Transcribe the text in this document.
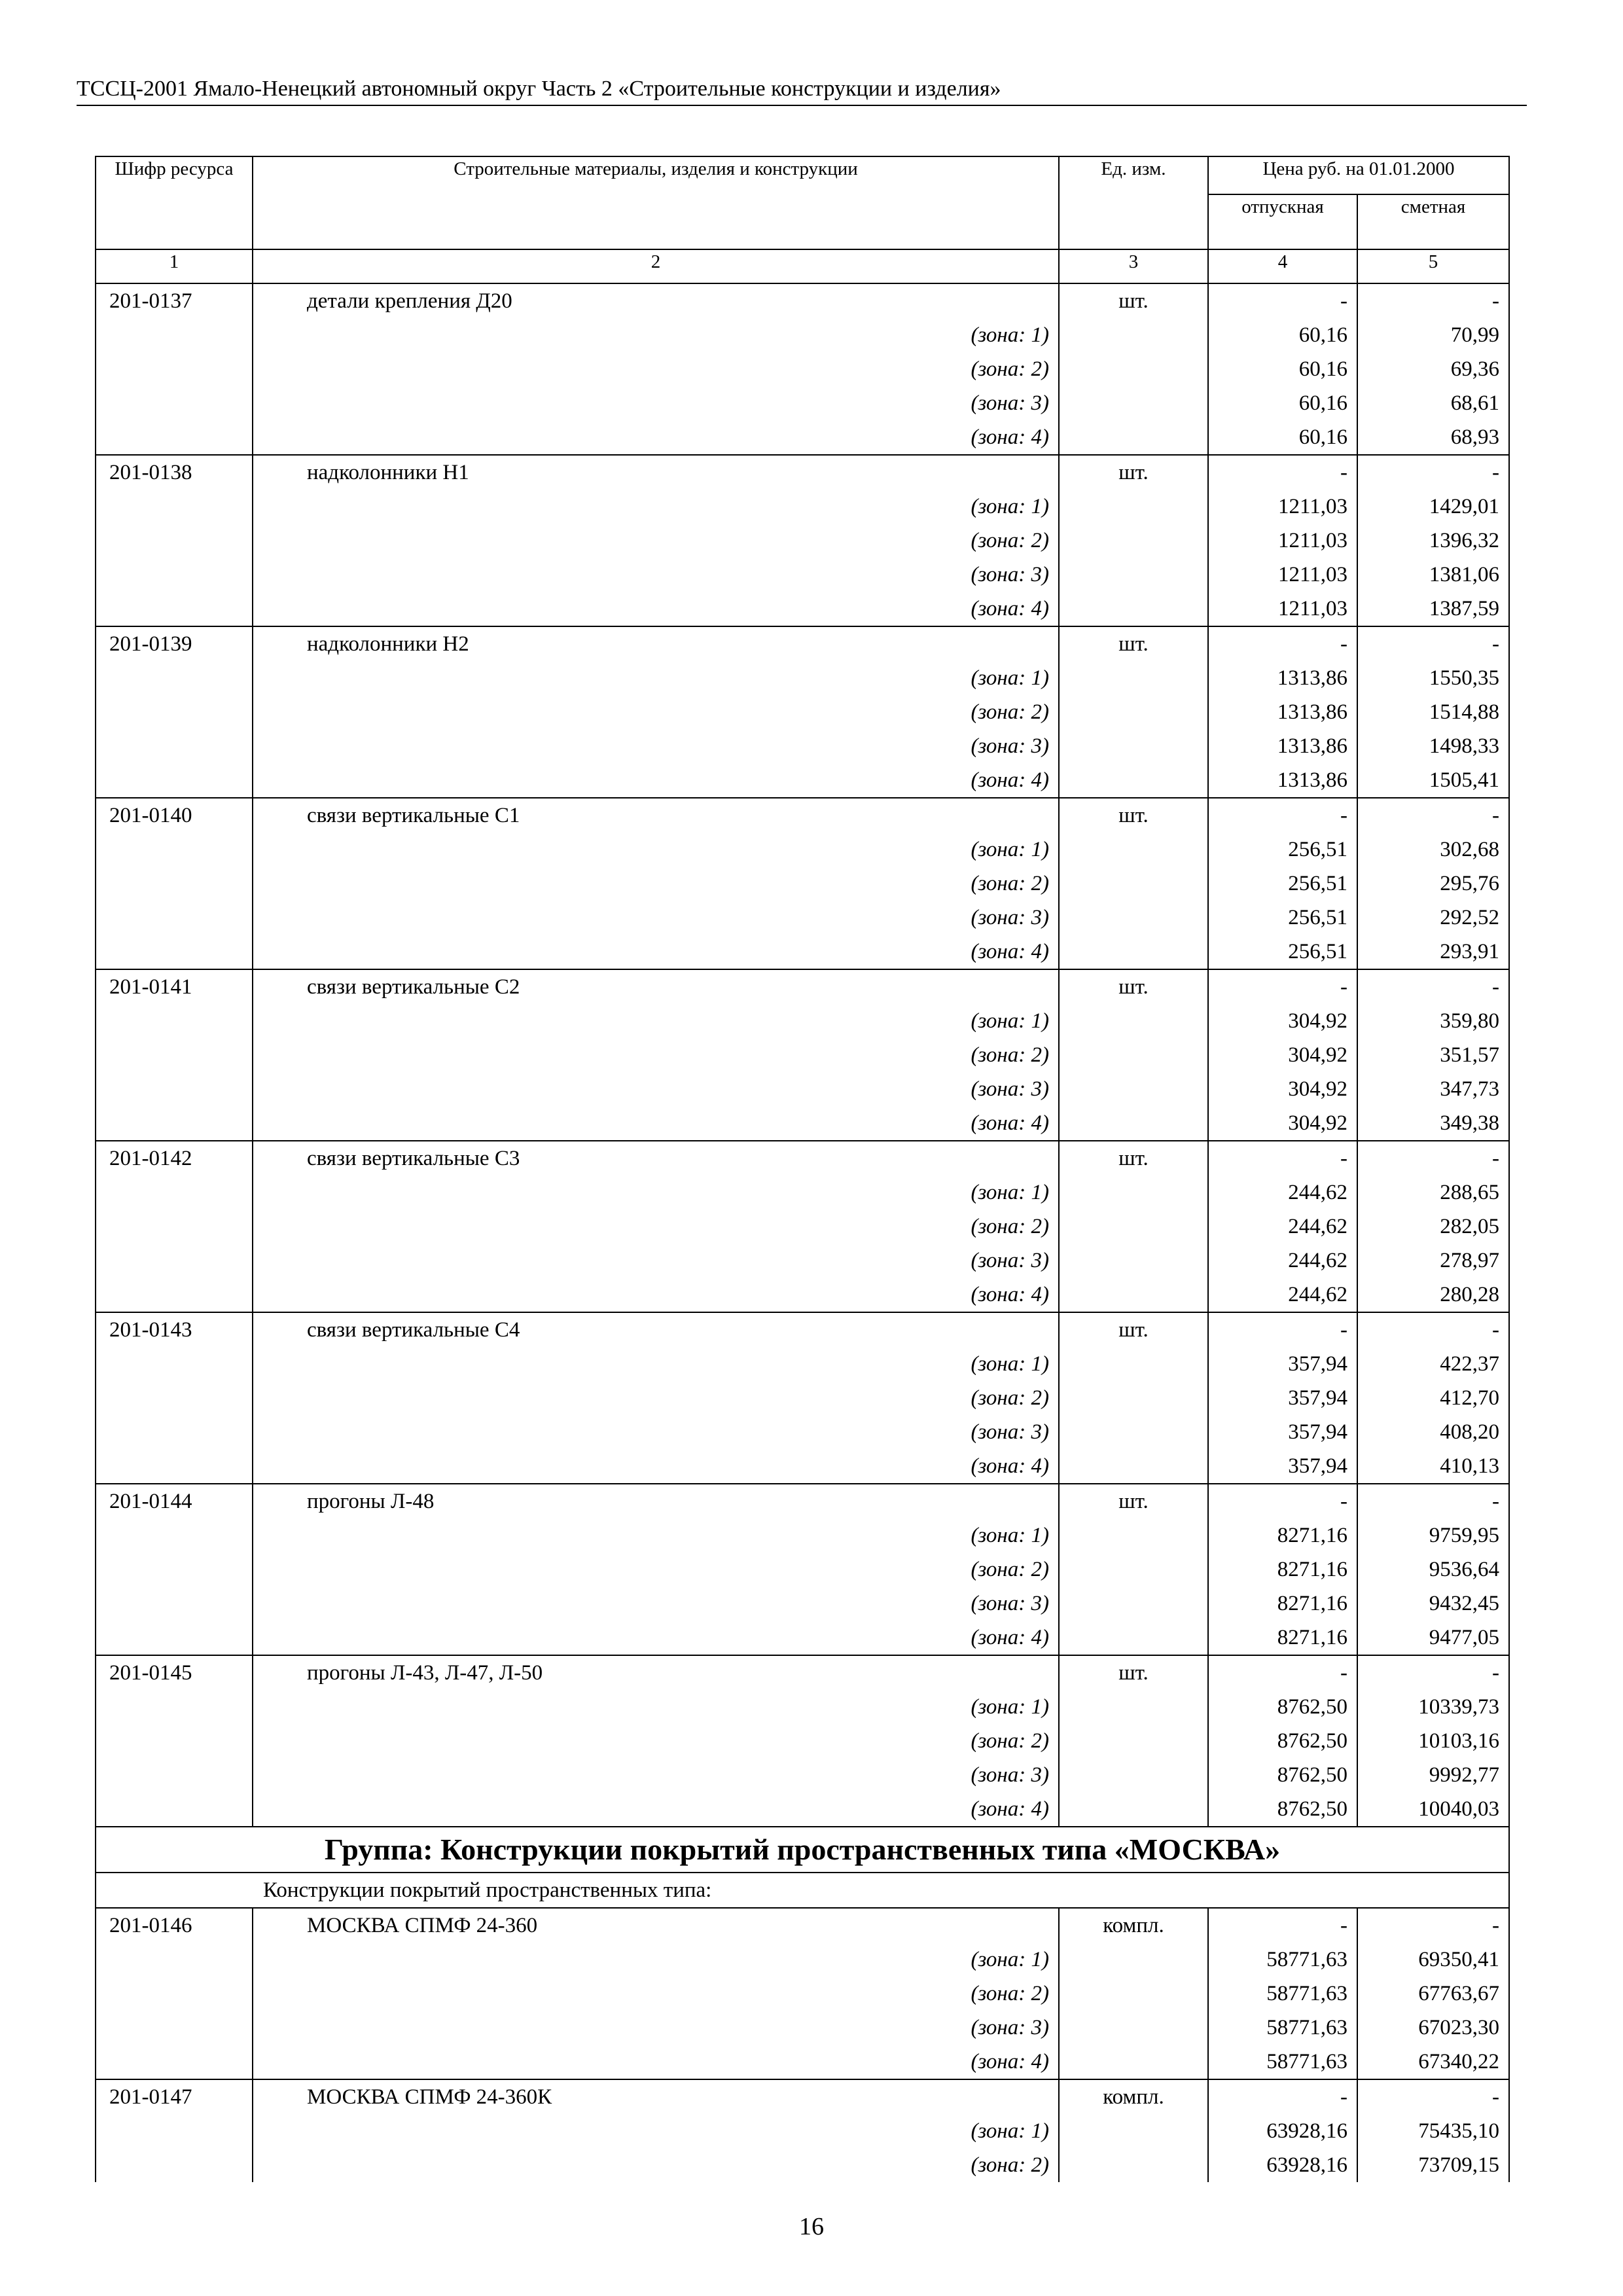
ТССЦ-2001 Ямало-Ненецкий автономный округ Часть 2 «Строительные конструкции и изделия»
Шифр ресурса	Строительные материалы, изделия и конструкции	Ед. изм.	Цена руб. на 01.01.2000	
			отпускная	сметная
1	2	3	4	5
201-0137	детали крепления Д20	шт.	-	-
	(зона: 1)		60,16	70,99
	(зона: 2)		60,16	69,36
	(зона: 3)		60,16	68,61
	(зона: 4)		60,16	68,93
201-0138	надколонники Н1	шт.	-	-
	(зона: 1)		1211,03	1429,01
	(зона: 2)		1211,03	1396,32
	(зона: 3)		1211,03	1381,06
	(зона: 4)		1211,03	1387,59
201-0139	надколонники Н2	шт.	-	-
	(зона: 1)		1313,86	1550,35
	(зона: 2)		1313,86	1514,88
	(зона: 3)		1313,86	1498,33
	(зона: 4)		1313,86	1505,41
201-0140	связи вертикальные С1	шт.	-	-
	(зона: 1)		256,51	302,68
	(зона: 2)		256,51	295,76
	(зона: 3)		256,51	292,52
	(зона: 4)		256,51	293,91
201-0141	связи вертикальные С2	шт.	-	-
	(зона: 1)		304,92	359,80
	(зона: 2)		304,92	351,57
	(зона: 3)		304,92	347,73
	(зона: 4)		304,92	349,38
201-0142	связи вертикальные С3	шт.	-	-
	(зона: 1)		244,62	288,65
	(зона: 2)		244,62	282,05
	(зона: 3)		244,62	278,97
	(зона: 4)		244,62	280,28
201-0143	связи вертикальные С4	шт.	-	-
	(зона: 1)		357,94	422,37
	(зона: 2)		357,94	412,70
	(зона: 3)		357,94	408,20
	(зона: 4)		357,94	410,13
201-0144	прогоны Л-48	шт.	-	-
	(зона: 1)		8271,16	9759,95
	(зона: 2)		8271,16	9536,64
	(зона: 3)		8271,16	9432,45
	(зона: 4)		8271,16	9477,05
201-0145	прогоны Л-43, Л-47, Л-50	шт.	-	-
	(зона: 1)		8762,50	10339,73
	(зона: 2)		8762,50	10103,16
	(зона: 3)		8762,50	9992,77
	(зона: 4)		8762,50	10040,03
Группа: Конструкции покрытий пространственных типа «МОСКВА»				
Конструкции покрытий пространственных типа:				
201-0146	МОСКВА СПМФ 24-360	компл.	-	-
	(зона: 1)		58771,63	69350,41
	(зона: 2)		58771,63	67763,67
	(зона: 3)		58771,63	67023,30
	(зона: 4)		58771,63	67340,22
201-0147	МОСКВА СПМФ 24-360К	компл.	-	-
	(зона: 1)		63928,16	75435,10
	(зона: 2)		63928,16	73709,15
16
